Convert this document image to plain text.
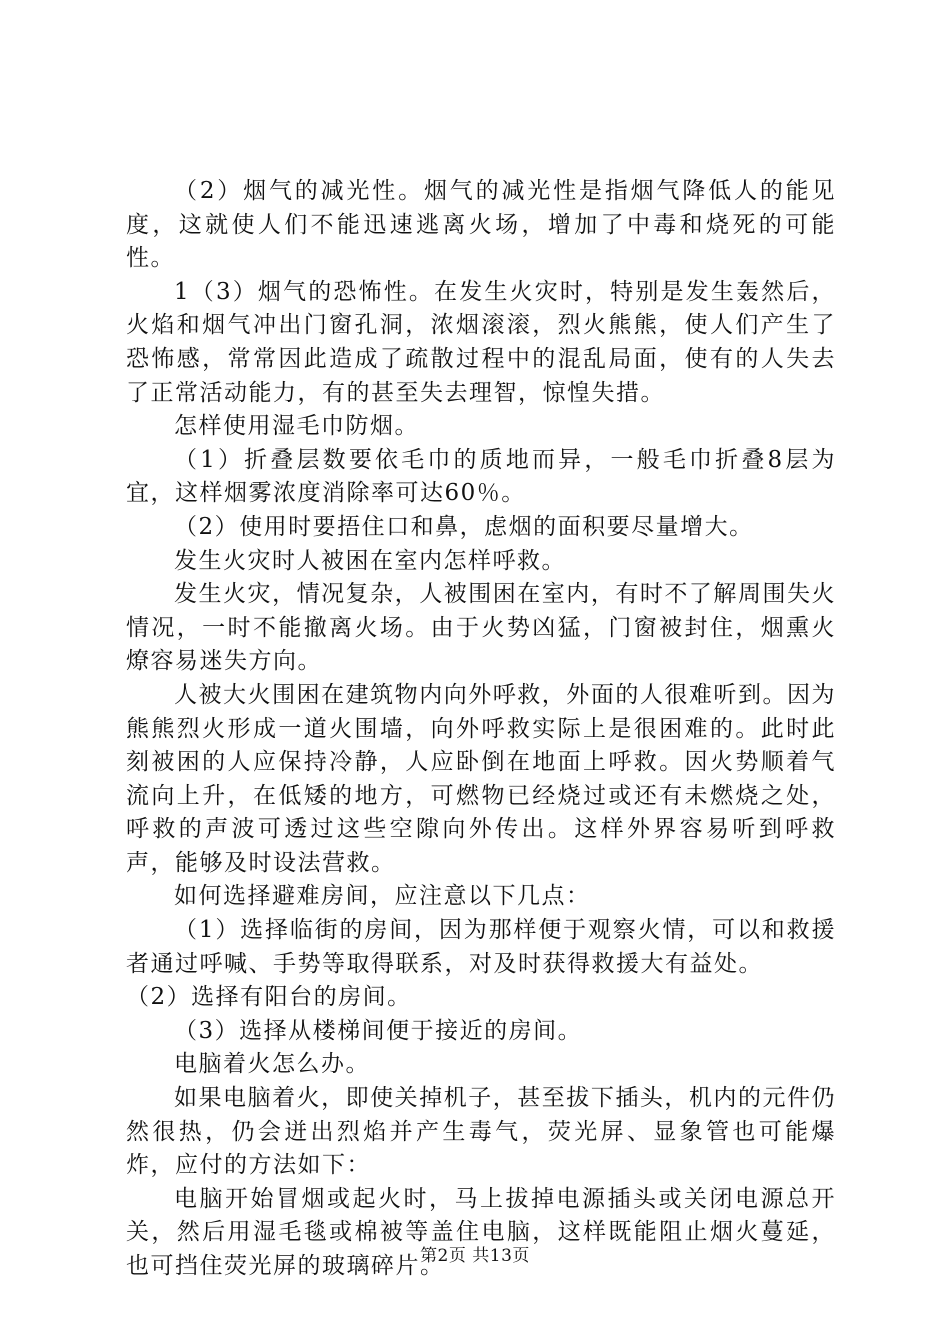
（2）烟气的减光性。烟气的减光性是指烟气降低人的能见度，这就使人们不能迅速逃离火场，增加了中毒和烧死的可能性。

1（3）烟气的恐怖性。在发生火灾时，特别是发生轰然后，火焰和烟气冲出门窗孔洞，浓烟滚滚，烈火熊熊，使人们产生了恐怖感，常常因此造成了疏散过程中的混乱局面，使有的人失去了正常活动能力，有的甚至失去理智，惊惶失措。

怎样使用湿毛巾防烟。

（1）折叠层数要依毛巾的质地而异，一般毛巾折叠8层为宜，这样烟雾浓度消除率可达60％。

（2）使用时要捂住口和鼻，虑烟的面积要尽量增大。

发生火灾时人被困在室内怎样呼救。

发生火灾，情况复杂，人被围困在室内，有时不了解周围失火情况，一时不能撤离火场。由于火势凶猛，门窗被封住，烟熏火燎容易迷失方向。

人被大火围困在建筑物内向外呼救，外面的人很难听到。因为熊熊烈火形成一道火围墙，向外呼救实际上是很困难的。此时此刻被困的人应保持冷静，人应卧倒在地面上呼救。因火势顺着气流向上升，在低矮的地方，可燃物已经烧过或还有未燃烧之处，呼救的声波可透过这些空隙向外传出。这样外界容易听到呼救声，能够及时设法营救。

如何选择避难房间，应注意以下几点：

（1）选择临街的房间，因为那样便于观察火情，可以和救援者通过呼喊、手势等取得联系，对及时获得救援大有益处。

（2）选择有阳台的房间。

（3）选择从楼梯间便于接近的房间。

电脑着火怎么办。

如果电脑着火，即使关掉机子，甚至拔下插头，机内的元件仍然很热，仍会迸出烈焰并产生毒气，荧光屏、显象管也可能爆炸，应付的方法如下：

电脑开始冒烟或起火时，马上拔掉电源插头或关闭电源总开关，然后用湿毛毯或棉被等盖住电脑，这样既能阻止烟火蔓延，也可挡住荧光屏的玻璃碎片。

第2页 共13页
